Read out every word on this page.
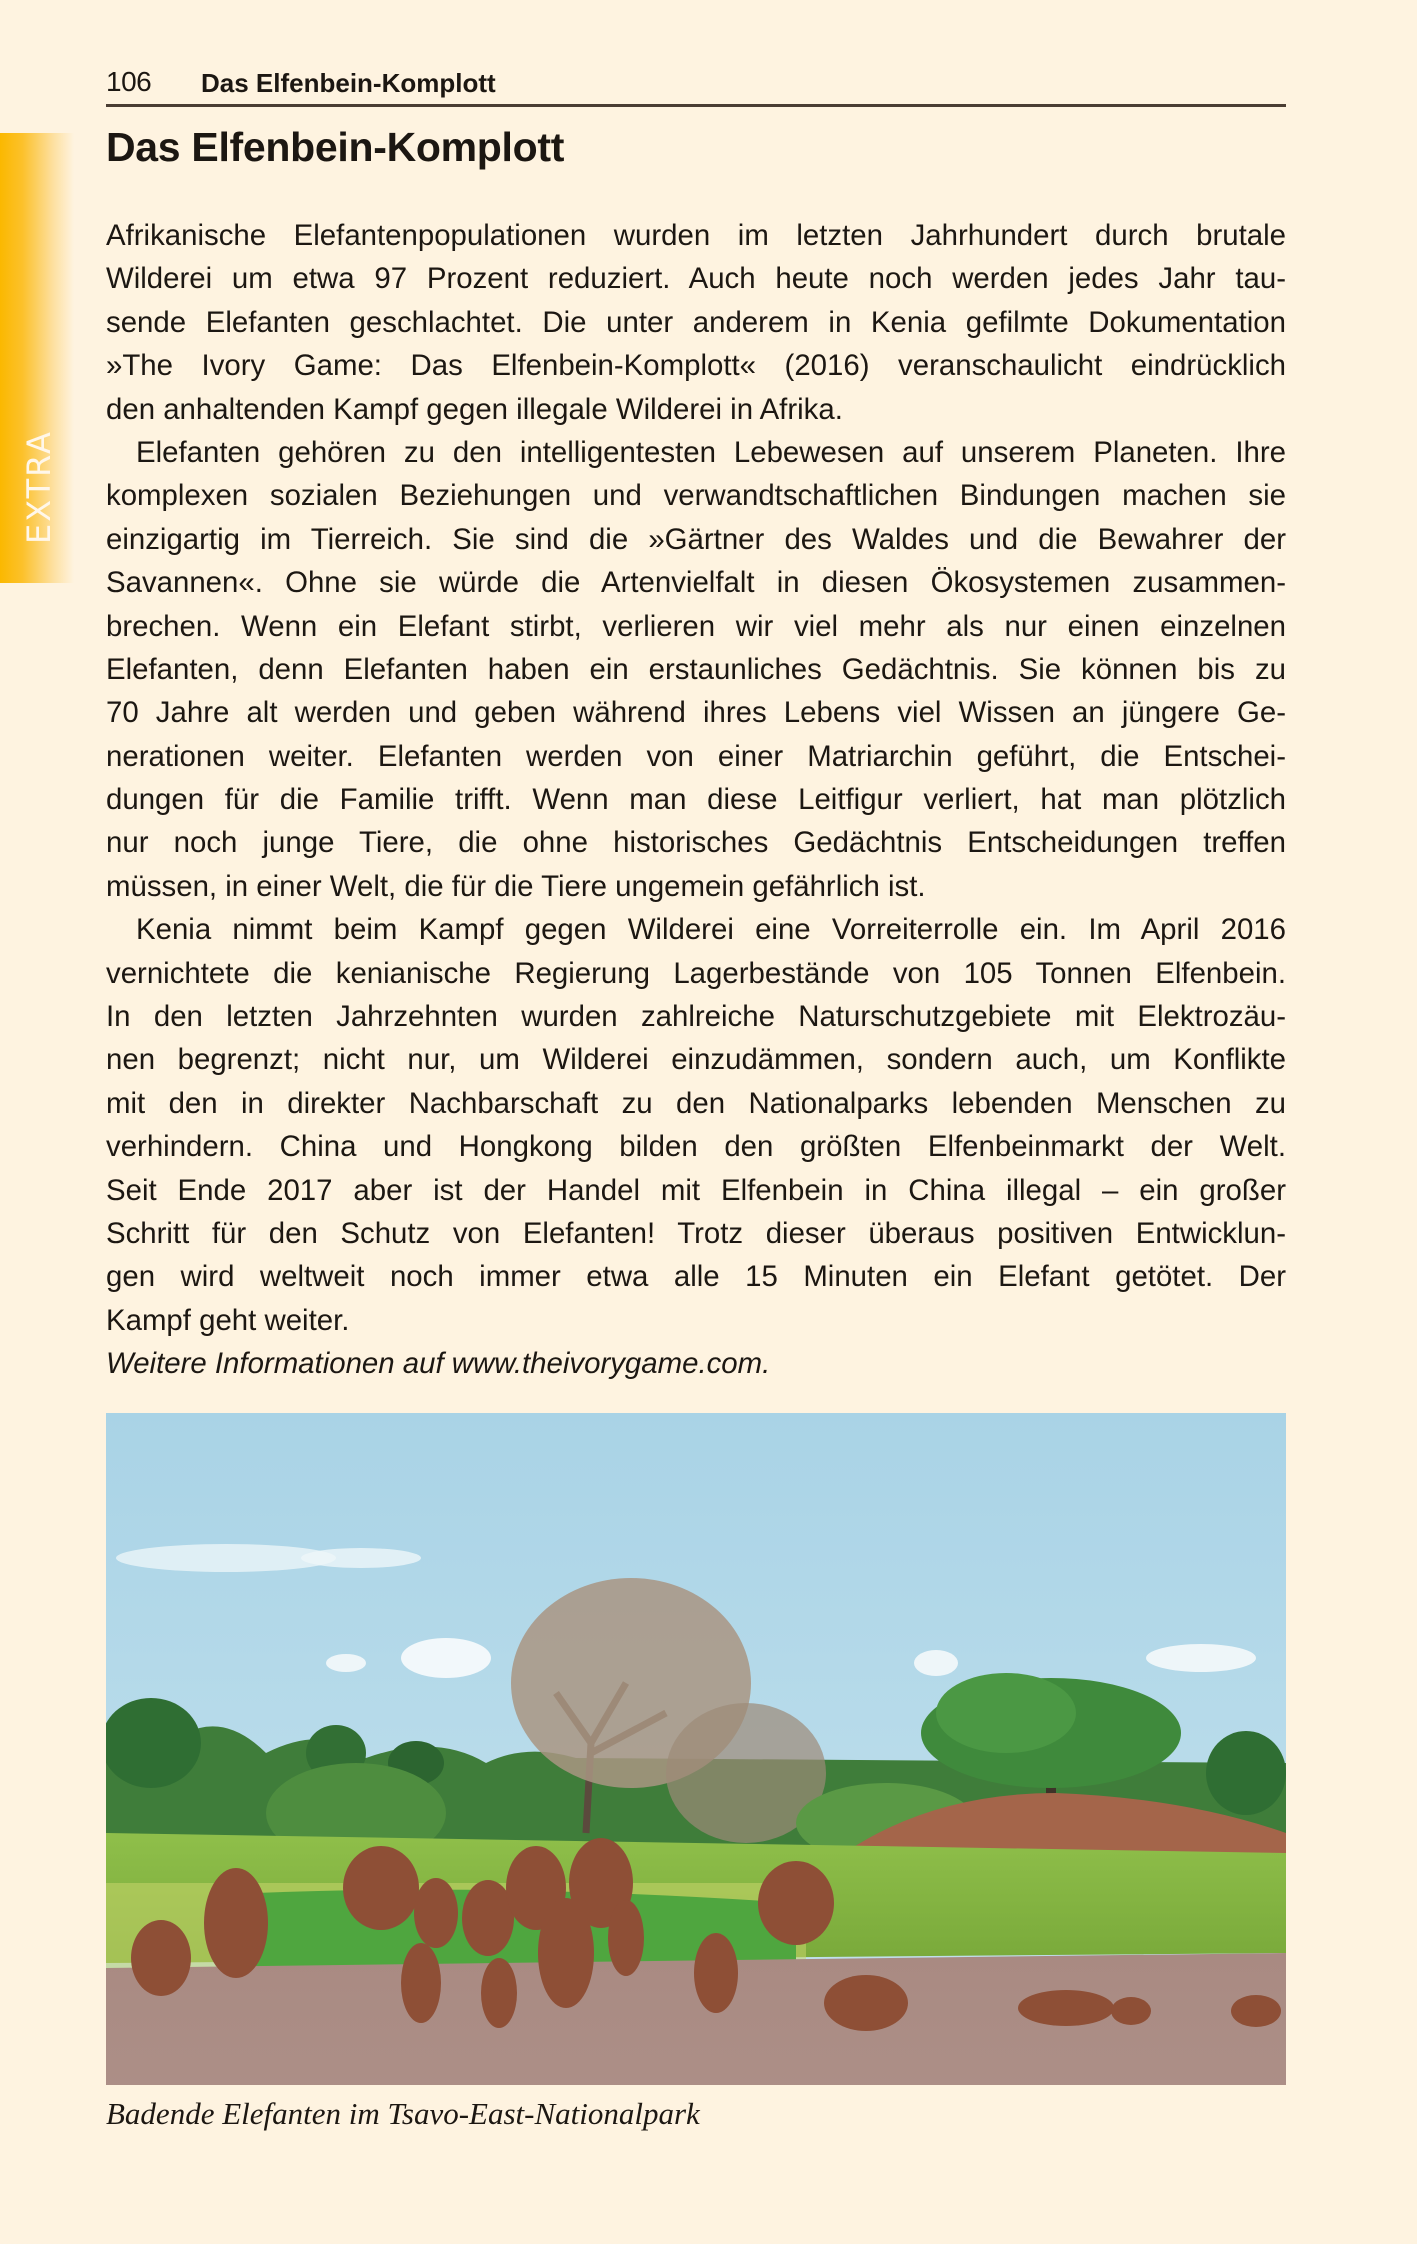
EXTRA
106 Das Elfenbein-Komplott
Das Elfenbein-Komplott
Afrikanische Elefantenpopulationen wurden im letzten Jahrhundert durch brutale
Wilderei um etwa 97 Prozent reduziert. Auch heute noch werden jedes Jahr tau-
sende Elefanten geschlachtet. Die unter anderem in Kenia gefilmte Dokumentation
»The Ivory Game: Das Elfenbein-Komplott« (2016) veranschaulicht eindrücklich
den anhaltenden Kampf gegen illegale Wilderei in Afrika.
Elefanten gehören zu den intelligentesten Lebewesen auf unserem Planeten. Ihre
komplexen sozialen Beziehungen und verwandtschaftlichen Bindungen machen sie
einzigartig im Tierreich. Sie sind die »Gärtner des Waldes und die Bewahrer der
Savannen«. Ohne sie würde die Artenvielfalt in diesen Ökosystemen zusammen-
brechen. Wenn ein Elefant stirbt, verlieren wir viel mehr als nur einen einzelnen
Elefanten, denn Elefanten haben ein erstaunliches Gedächtnis. Sie können bis zu
70 Jahre alt werden und geben während ihres Lebens viel Wissen an jüngere Ge-
nerationen weiter. Elefanten werden von einer Matriarchin geführt, die Entschei-
dungen für die Familie trifft. Wenn man diese Leitfigur verliert, hat man plötzlich
nur noch junge Tiere, die ohne historisches Gedächtnis Entscheidungen treffen
müssen, in einer Welt, die für die Tiere ungemein gefährlich ist.
Kenia nimmt beim Kampf gegen Wilderei eine Vorreiterrolle ein. Im April 2016
vernichtete die kenianische Regierung Lagerbestände von 105 Tonnen Elfenbein.
In den letzten Jahrzehnten wurden zahlreiche Naturschutzgebiete mit Elektrozäu-
nen begrenzt; nicht nur, um Wilderei einzudämmen, sondern auch, um Konflikte
mit den in direkter Nachbarschaft zu den Nationalparks lebenden Menschen zu
verhindern. China und Hongkong bilden den größten Elfenbeinmarkt der Welt.
Seit Ende 2017 aber ist der Handel mit Elfenbein in China illegal – ein großer
Schritt für den Schutz von Elefanten! Trotz dieser überaus positiven Entwicklun-
gen wird weltweit noch immer etwa alle 15 Minuten ein Elefant getötet. Der
Kampf geht weiter.
Weitere Informationen auf www.theivorygame.com.
Badende Elefanten im Tsavo-East-Nationalpark
